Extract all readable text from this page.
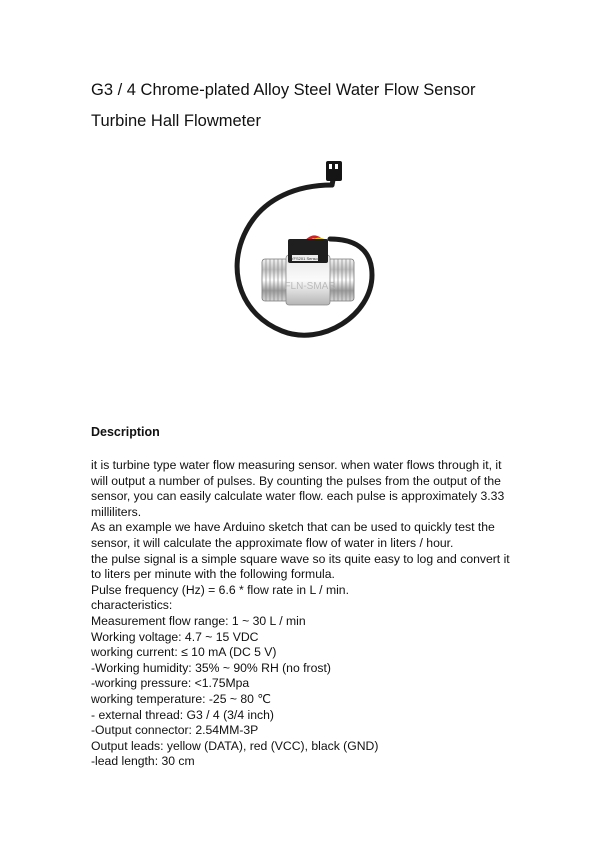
G3 / 4 Chrome-plated Alloy Steel Water Flow Sensor
Turbine Hall Flowmeter
YFS201 Sensor
FLN-SMAR
Description

it is turbine type water flow measuring sensor. when water flows through it, it

will output a number of pulses. By counting the pulses from the output of the

sensor, you can easily calculate water flow. each pulse is approximately 3.33

milliliters.

As an example we have Arduino sketch that can be used to quickly test the

sensor, it will calculate the approximate flow of water in liters / hour.

the pulse signal is a simple square wave so its quite easy to log and convert it

to liters per minute with the following formula.

Pulse frequency (Hz) = 6.6 * flow rate in L / min.

characteristics:

Measurement flow range: 1 ~ 30 L / min

Working voltage: 4.7 ~ 15 VDC

working current: ≤ 10 mA (DC 5 V)

-Working humidity: 35% ~ 90% RH (no frost)

-working pressure: <1.75Mpa

working temperature: -25 ~ 80 ℃

- external thread: G3 / 4 (3/4 inch)

-Output connector: 2.54MM-3P

Output leads: yellow (DATA), red (VCC), black (GND)

-lead length: 30 cm
